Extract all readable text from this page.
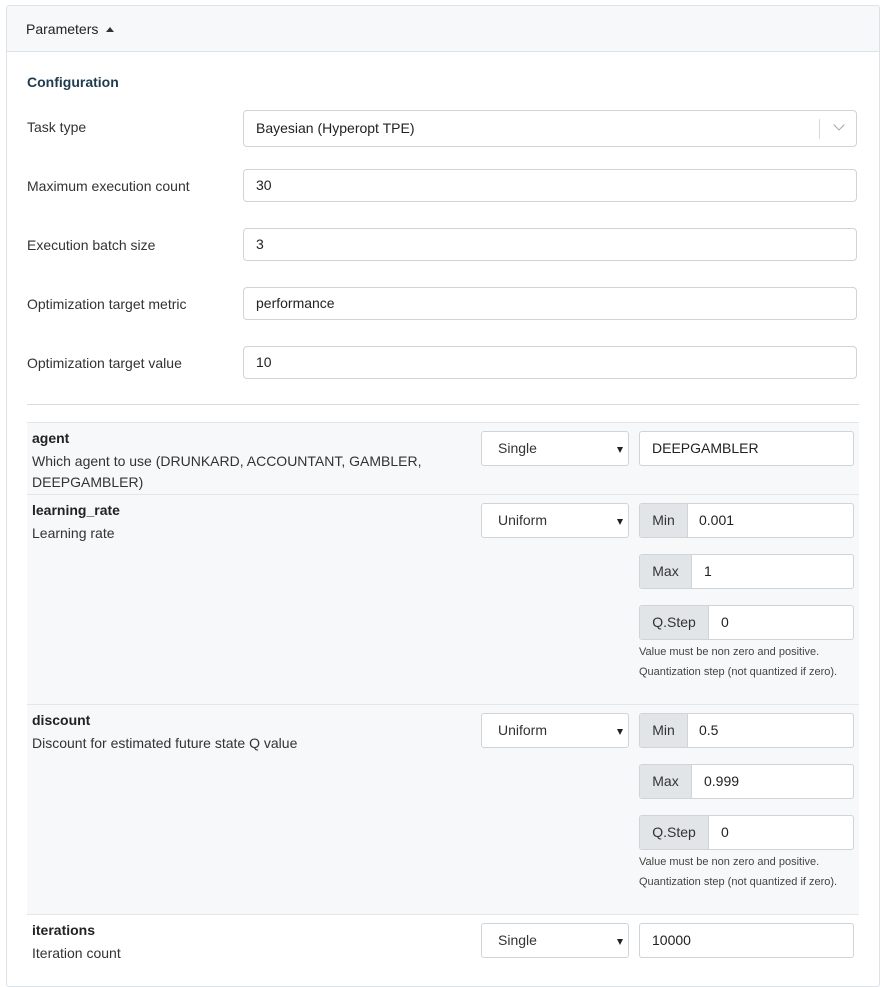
Parameters
Configuration
Task type	Bayesian (Hyperopt TPE)
Maximum execution count	30
Execution batch size	3
Optimization target metric	performance
Optimization target value	10
agent
Which agent to use (DRUNKARD, ACCOUNTANT, GAMBLER, DEEPGAMBLER)
Single	DEEPGAMBLER
learning_rate
Learning rate
Uniform	Min	0.001
Max	1
Q.Step	0
Value must be non zero and positive.
Quantization step (not quantized if zero).
discount
Discount for estimated future state Q value
Uniform	Min	0.5
Max	0.999
Q.Step	0
Value must be non zero and positive.
Quantization step (not quantized if zero).
iterations
Iteration count
Single	10000
